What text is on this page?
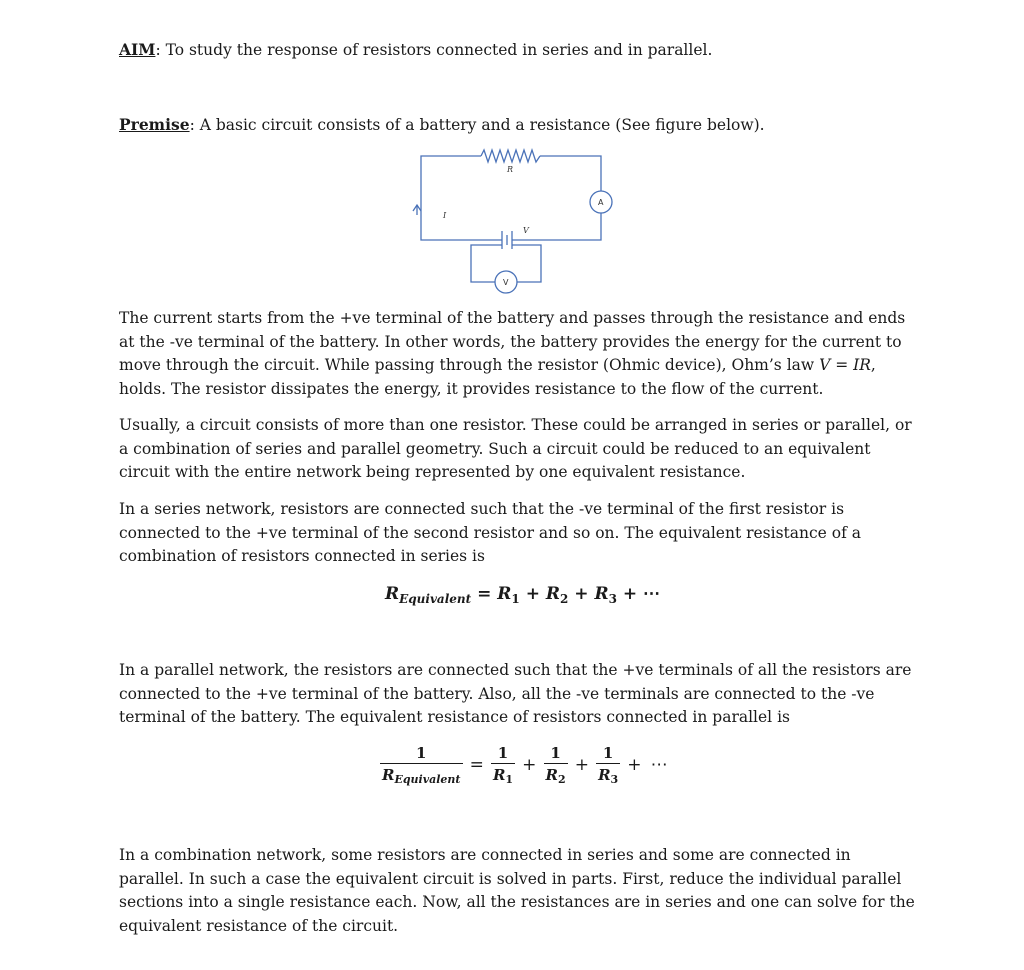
AIM: To study the response of resistors connected in series and in parallel.
Premise: A basic circuit consists of a battery and a resistance (See figure below).
R
I
V
A
V

The current starts from the +ve terminal of the battery and passes through the resistance and ends at the -ve terminal of the battery. In other words, the battery provides the energy for the current to move through the circuit. While passing through the resistor (Ohmic device), Ohm’s law V = IR, holds. The resistor dissipates the energy, it provides resistance to the flow of the current.

Usually, a circuit consists of more than one resistor. These could be arranged in series or parallel, or a combination of series and parallel geometry. Such a circuit could be reduced to an equivalent circuit with the entire network being represented by one equivalent resistance.

In a series network, resistors are connected such that the -ve terminal of the first resistor is connected to the +ve terminal of the second resistor and so on. The equivalent resistance of a combination of resistors connected in series is

$R_{Equivalent} = R_1 + R_2 + R_3$ + ⋯

In a parallel network, the resistors are connected such that the +ve terminals of all the resistors are connected to the +ve terminal of the battery. Also, all the -ve terminals are connected to the -ve terminal of the battery. The equivalent resistance of resistors connected in parallel is

$\frac{1}{R_{Equivalent}} = \frac{1}{R_1} + \frac{1}{R_2} + \frac{1}{R_3}$ + ⋯

In a combination network, some resistors are connected in series and some are connected in parallel. In such a case the equivalent circuit is solved in parts. First, reduce the individual parallel sections into a single resistance each. Now, all the resistances are in series and one can solve for the equivalent resistance of the circuit.
